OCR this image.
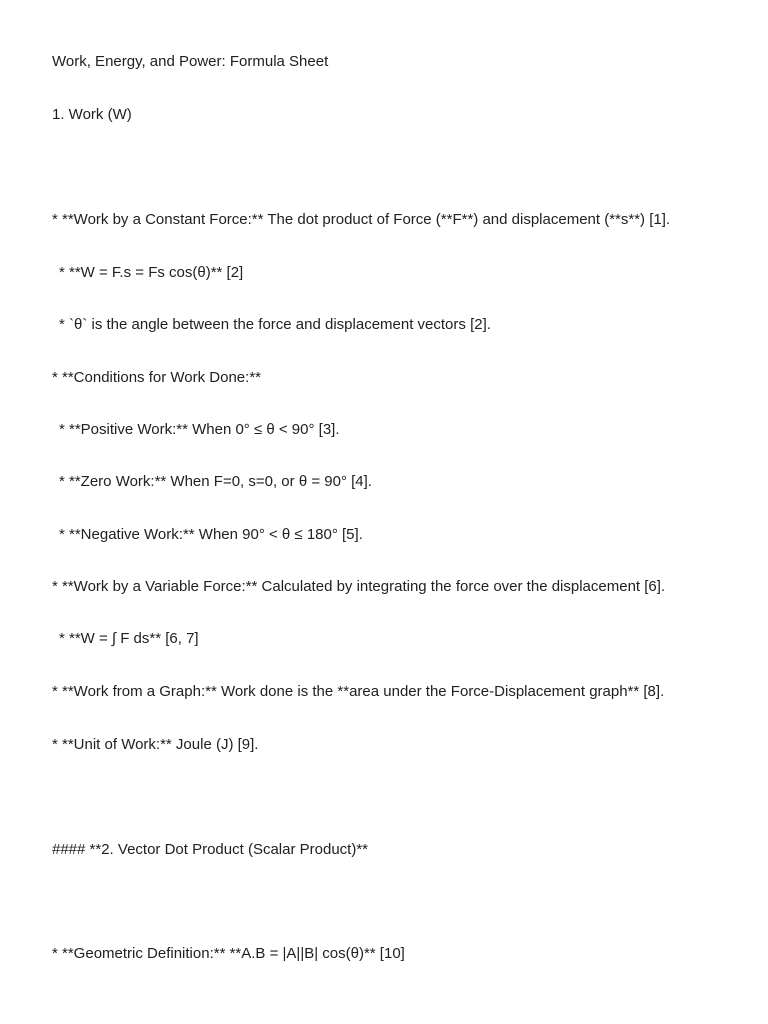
Work, Energy, and Power: Formula Sheet
1. Work (W)
* **Work by a Constant Force:** The dot product of Force (**F**) and displacement (**s**) [1].
* **W = F.s = Fs cos(θ)** [2]
* `θ` is the angle between the force and displacement vectors [2].
* **Conditions for Work Done:**
* **Positive Work:** When 0° ≤ θ < 90° [3].
* **Zero Work:** When F=0, s=0, or θ = 90° [4].
* **Negative Work:** When 90° < θ ≤ 180° [5].
* **Work by a Variable Force:** Calculated by integrating the force over the displacement [6].
* **W = ∫ F ds** [6, 7]
* **Work from a Graph:** Work done is the **area under the Force-Displacement graph** [8].
* **Unit of Work:** Joule (J) [9].
#### **2. Vector Dot Product (Scalar Product)**
* **Geometric Definition:** **A.B = |A||B| cos(θ)** [10]
